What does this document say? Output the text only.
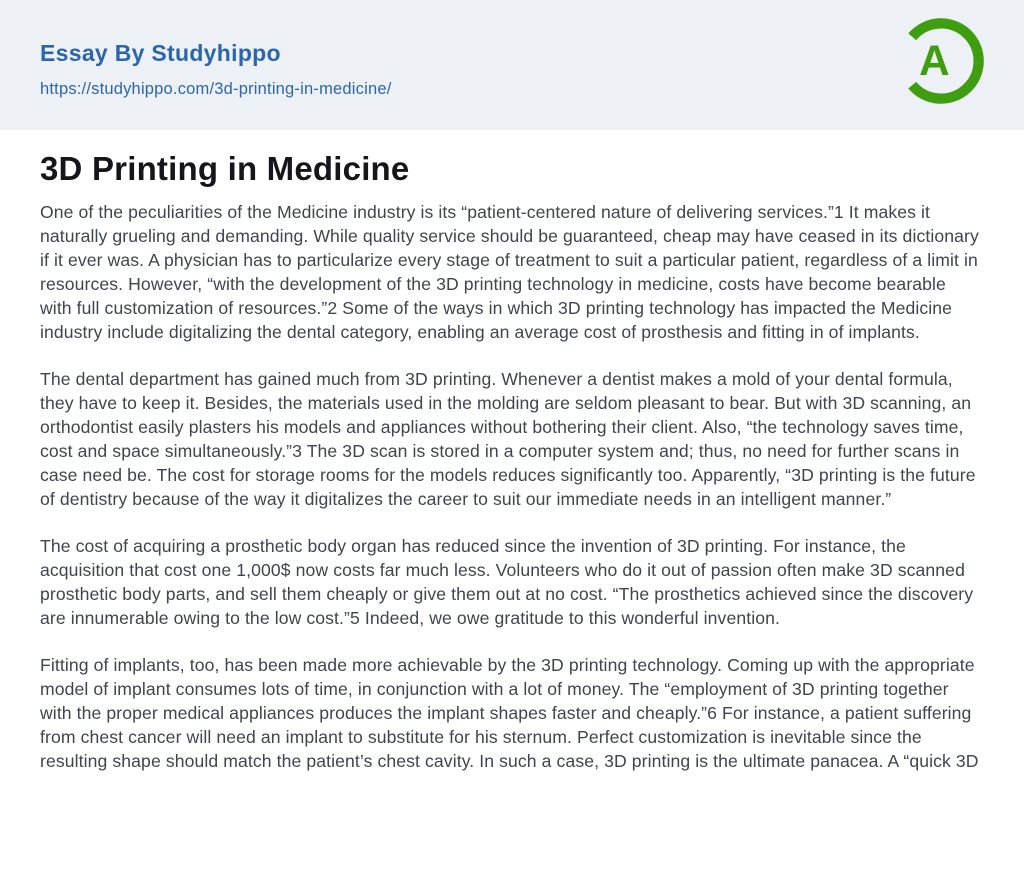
Essay By Studyhippo
https://studyhippo.com/3d-printing-in-medicine/
A
3D Printing in Medicine

One of the peculiarities of the Medicine industry is its “patient-centered nature of delivering services.”1 It makes it naturally grueling and demanding. While quality service should be guaranteed, cheap may have ceased in its dictionary if it ever was. A physician has to particularize every stage of treatment to suit a particular patient, regardless of a limit in resources. However, “with the development of the 3D printing technology in medicine, costs have become bearable with full customization of resources.”2 Some of the ways in which 3D printing technology has impacted the Medicine industry include digitalizing the dental category, enabling an average cost of prosthesis and fitting in of implants.

The dental department has gained much from 3D printing. Whenever a dentist makes a mold of your dental formula, they have to keep it. Besides, the materials used in the molding are seldom pleasant to bear. But with 3D scanning, an orthodontist easily plasters his models and appliances without bothering their client. Also, “the technology saves time, cost and space simultaneously.”3 The 3D scan is stored in a computer system and; thus, no need for further scans in case need be. The cost for storage rooms for the models reduces significantly too. Apparently, “3D printing is the future of dentistry because of the way it digitalizes the career to suit our immediate needs in an intelligent manner.”

The cost of acquiring a prosthetic body organ has reduced since the invention of 3D printing. For instance, the acquisition that cost one 1,000$ now costs far much less. Volunteers who do it out of passion often make 3D scanned prosthetic body parts, and sell them cheaply or give them out at no cost. “The prosthetics achieved since the discovery are innumerable owing to the low cost.”5 Indeed, we owe gratitude to this wonderful invention.

Fitting of implants, too, has been made more achievable by the 3D printing technology. Coming up with the appropriate model of implant consumes lots of time, in conjunction with a lot of money. The “employment of 3D printing together with the proper medical appliances produces the implant shapes faster and cheaply.”6 For instance, a patient suffering from chest cancer will need an implant to substitute for his sternum. Perfect customization is inevitable since the resulting shape should match the patient’s chest cavity. In such a case, 3D printing is the ultimate panacea. A “quick 3D
